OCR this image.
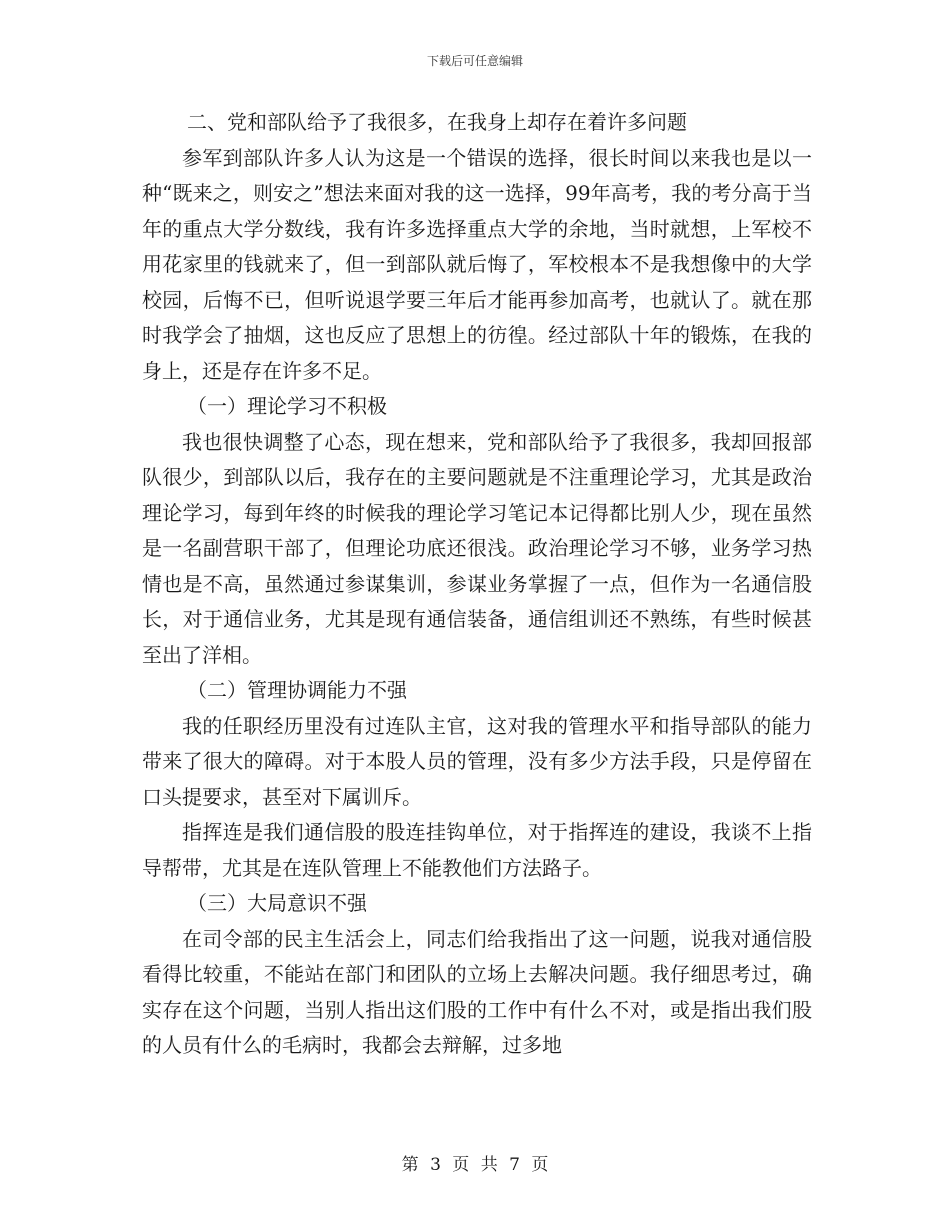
下载后可任意编辑

二、党和部队给予了我很多，在我身上却存在着许多问题

参军到部队许多人认为这是一个错误的选择，很长时间以来我也是以一种“既来之，则安之”想法来面对我的这一选择，99年高考，我的考分高于当年的重点大学分数线，我有许多选择重点大学的余地，当时就想，上军校不用花家里的钱就来了，但一到部队就后悔了，军校根本不是我想像中的大学校园，后悔不已，但听说退学要三年后才能再参加高考，也就认了。就在那时我学会了抽烟，这也反应了思想上的彷徨。经过部队十年的锻炼，在我的身上，还是存在许多不足。

（一）理论学习不积极

我也很快调整了心态，现在想来，党和部队给予了我很多，我却回报部队很少，到部队以后，我存在的主要问题就是不注重理论学习，尤其是政治理论学习，每到年终的时候我的理论学习笔记本记得都比别人少，现在虽然是一名副营职干部了，但理论功底还很浅。政治理论学习不够，业务学习热情也是不高，虽然通过参谋集训，参谋业务掌握了一点，但作为一名通信股长，对于通信业务，尤其是现有通信装备，通信组训还不熟练，有些时候甚至出了洋相。

（二）管理协调能力不强

我的任职经历里没有过连队主官，这对我的管理水平和指导部队的能力带来了很大的障碍。对于本股人员的管理，没有多少方法手段，只是停留在口头提要求，甚至对下属训斥。

指挥连是我们通信股的股连挂钩单位，对于指挥连的建设，我谈不上指导帮带，尤其是在连队管理上不能教他们方法路子。

（三）大局意识不强

在司令部的民主生活会上，同志们给我指出了这一问题，说我对通信股看得比较重，不能站在部门和团队的立场上去解决问题。我仔细思考过，确实存在这个问题，当别人指出这们股的工作中有什么不对，或是指出我们股的人员有什么的毛病时，我都会去辩解，过多地

第 3 页 共 7 页
